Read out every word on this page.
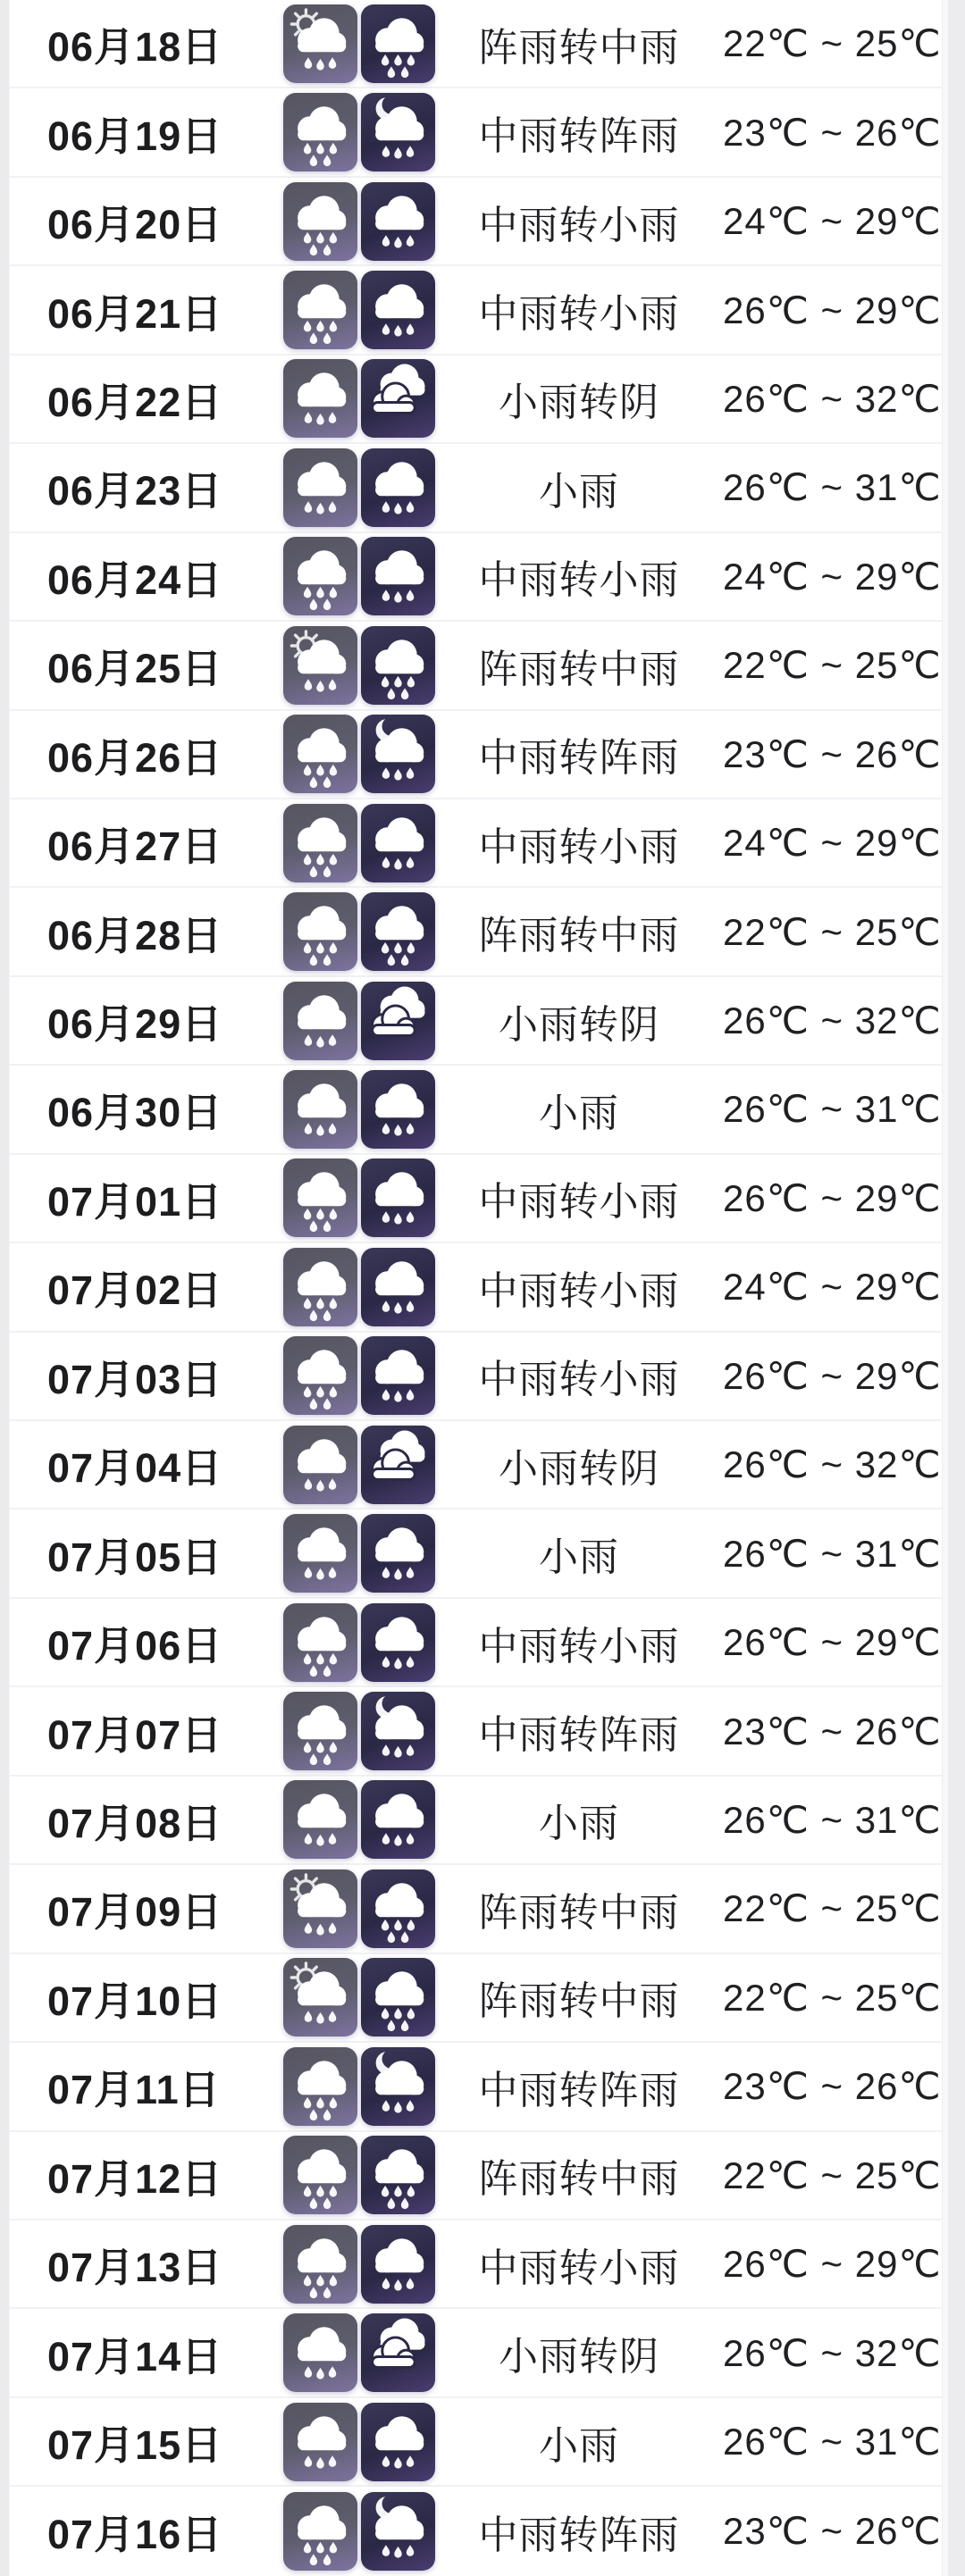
06月18日	阵雨转中雨	22℃ ~ 25℃
06月19日	中雨转阵雨	23℃ ~ 26℃
06月20日	中雨转小雨	24℃ ~ 29℃
06月21日	中雨转小雨	26℃ ~ 29℃
06月22日	小雨转阴	26℃ ~ 32℃
06月23日	小雨	26℃ ~ 31℃
06月24日	中雨转小雨	24℃ ~ 29℃
06月25日	阵雨转中雨	22℃ ~ 25℃
06月26日	中雨转阵雨	23℃ ~ 26℃
06月27日	中雨转小雨	24℃ ~ 29℃
06月28日	阵雨转中雨	22℃ ~ 25℃
06月29日	小雨转阴	26℃ ~ 32℃
06月30日	小雨	26℃ ~ 31℃
07月01日	中雨转小雨	26℃ ~ 29℃
07月02日	中雨转小雨	24℃ ~ 29℃
07月03日	中雨转小雨	26℃ ~ 29℃
07月04日	小雨转阴	26℃ ~ 32℃
07月05日	小雨	26℃ ~ 31℃
07月06日	中雨转小雨	26℃ ~ 29℃
07月07日	中雨转阵雨	23℃ ~ 26℃
07月08日	小雨	26℃ ~ 31℃
07月09日	阵雨转中雨	22℃ ~ 25℃
07月10日	阵雨转中雨	22℃ ~ 25℃
07月11日	中雨转阵雨	23℃ ~ 26℃
07月12日	阵雨转中雨	22℃ ~ 25℃
07月13日	中雨转小雨	26℃ ~ 29℃
07月14日	小雨转阴	26℃ ~ 32℃
07月15日	小雨	26℃ ~ 31℃
07月16日	中雨转阵雨	23℃ ~ 26℃
